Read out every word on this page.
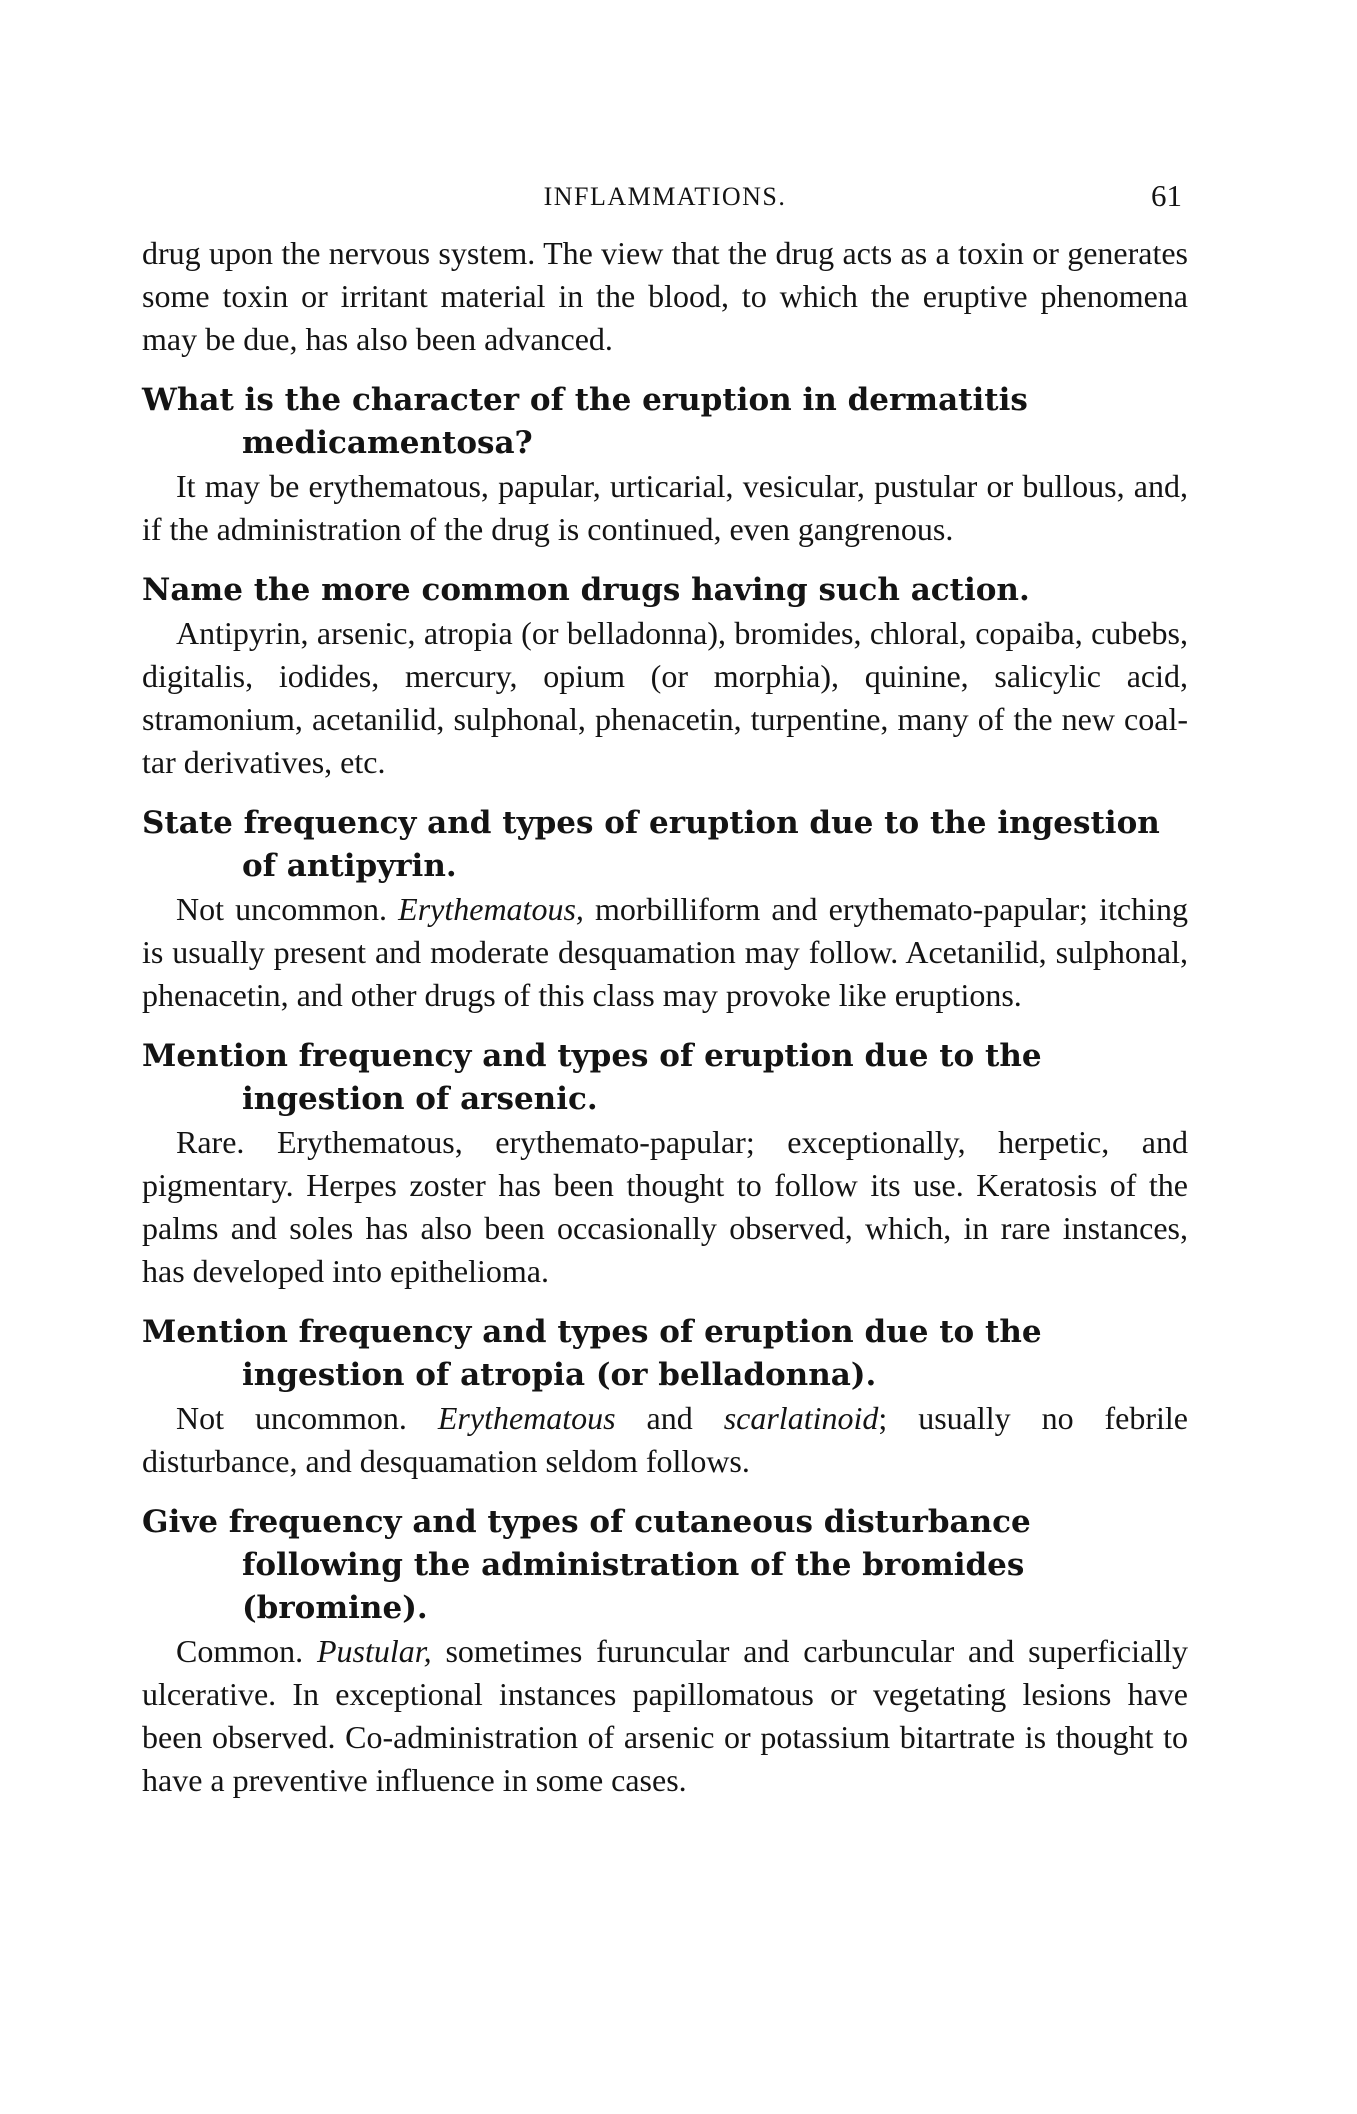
INFLAMMATIONS.	61

drug upon the nervous system. The view that the drug acts as a toxin or generates some toxin or irritant material in the blood, to which the eruptive phenomena may be due, has also been advanced.

What is the character of the eruption in dermatitis medicamentosa?

It may be erythematous, papular, urticarial, vesicular, pustular or bullous, and, if the administration of the drug is continued, even gangrenous.

Name the more common drugs having such action.

Antipyrin, arsenic, atropia (or belladonna), bromides, chloral, copaiba, cubebs, digitalis, iodides, mercury, opium (or morphia), quinine, salicylic acid, stramonium, acetanilid, sulphonal, phenacetin, turpentine, many of the new coal-tar derivatives, etc.

State frequency and types of eruption due to the ingestion of antipyrin.

Not uncommon. Erythematous, morbilliform and erythemato-papular; itching is usually present and moderate desquamation may follow. Acetanilid, sulphonal, phenacetin, and other drugs of this class may provoke like eruptions.

Mention frequency and types of eruption due to the ingestion of arsenic.

Rare. Erythematous, erythemato-papular; exceptionally, herpetic, and pigmentary. Herpes zoster has been thought to follow its use. Keratosis of the palms and soles has also been occasionally observed, which, in rare instances, has developed into epithelioma.

Mention frequency and types of eruption due to the ingestion of atropia (or belladonna).

Not uncommon. Erythematous and scarlatinoid; usually no febrile disturbance, and desquamation seldom follows.

Give frequency and types of cutaneous disturbance following the administration of the bromides (bromine).

Common. Pustular, sometimes furuncular and carbuncular and superficially ulcerative. In exceptional instances papillomatous or vegetating lesions have been observed. Co-administration of arsenic or potassium bitartrate is thought to have a preventive influence in some cases.
